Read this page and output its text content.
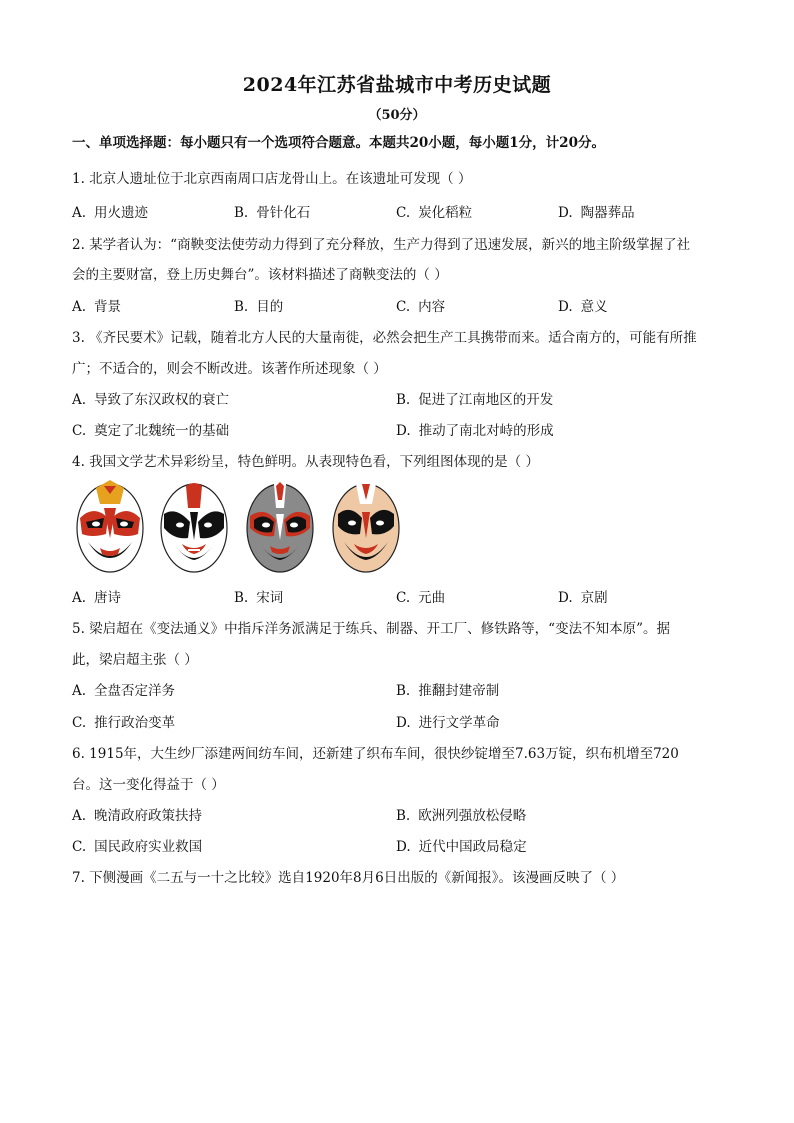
2024年江苏省盐城市中考历史试题
（50分）
一、单项选择题：每小题只有一个选项符合题意。本题共20小题，每小题1分，计20分。
1. 北京人遗址位于北京西南周口店龙骨山上。在该遗址可发现（ ）
A. 用火遗迹	B. 骨针化石	C. 炭化稻粒	D. 陶器葬品
2. 某学者认为：“商鞅变法使劳动力得到了充分释放，生产力得到了迅速发展，新兴的地主阶级掌握了社
会的主要财富，登上历史舞台”。该材料描述了商鞅变法的（ ）
A. 背景	B. 目的	C. 内容	D. 意义
3. 《齐民要术》记载，随着北方人民的大量南徙，必然会把生产工具携带而来。适合南方的，可能有所推
广；不适合的，则会不断改进。该著作所述现象（ ）
A. 导致了东汉政权的衰亡	B. 促进了江南地区的开发
C. 奠定了北魏统一的基础	D. 推动了南北对峙的形成
4. 我国文学艺术异彩纷呈，特色鲜明。从表现特色看，下列组图体现的是（ ）
A. 唐诗	B. 宋词	C. 元曲	D. 京剧
5. 梁启超在《变法通义》中指斥洋务派满足于练兵、制器、开工厂、修铁路等，“变法不知本原”。据
此，梁启超主张（ ）
A. 全盘否定洋务	B. 推翻封建帝制
C. 推行政治变革	D. 进行文学革命
6. 1915年，大生纱厂添建两间纺车间，还新建了织布车间，很快纱锭增至7.63万锭，织布机增至720
台。这一变化得益于（ ）
A. 晚清政府政策扶持	B. 欧洲列强放松侵略
C. 国民政府实业救国	D. 近代中国政局稳定
7. 下侧漫画《二五与一十之比较》选自1920年8月6日出版的《新闻报》。该漫画反映了（ ）
